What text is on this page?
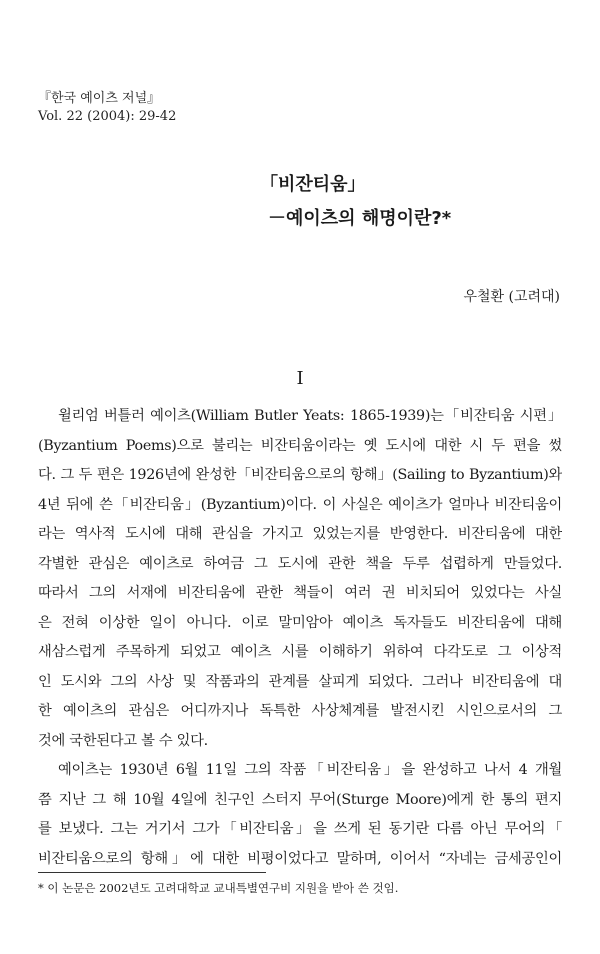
『한국 예이츠 저널』
Vol. 22 (2004): 29-42
「비잔티움」
－예이츠의 해명이란?*
우철환 (고려대)
I
윌리엄 버틀러 예이츠(William Butler Yeats: 1865-1939)는「비잔티움 시편」
(Byzantium Poems)으로 불리는 비잔티움이라는 옛 도시에 대한 시 두 편을 썼
다. 그 두 편은 1926년에 완성한「비잔티움으로의 항해」(Sailing to Byzantium)와
4년 뒤에 쓴「비잔티움」(Byzantium)이다. 이 사실은 예이츠가 얼마나 비잔티움이
라는 역사적 도시에 대해 관심을 가지고 있었는지를 반영한다. 비잔티움에 대한
각별한 관심은 예이츠로 하여금 그 도시에 관한 책을 두루 섭렵하게 만들었다.
따라서 그의 서재에 비잔티움에 관한 책들이 여러 권 비치되어 있었다는 사실
은 전혀 이상한 일이 아니다. 이로 말미암아 예이츠 독자들도 비잔티움에 대해
새삼스럽게 주목하게 되었고 예이츠 시를 이해하기 위하여 다각도로 그 이상적
인 도시와 그의 사상 및 작품과의 관계를 살피게 되었다. 그러나 비잔티움에 대
한 예이츠의 관심은 어디까지나 독특한 사상체계를 발전시킨 시인으로서의 그
것에 국한된다고 볼 수 있다.
예이츠는 1930년 6월 11일 그의 작품「비잔티움」을 완성하고 나서 4 개월
쯤 지난 그 해 10월 4일에 친구인 스터지 무어(Sturge Moore)에게 한 통의 편지
를 보냈다. 그는 거기서 그가「비잔티움」을 쓰게 된 동기란 다름 아닌 무어의「
비잔티움으로의 항해」에 대한 비평이었다고 말하며, 이어서 “자네는 금세공인이
* 이 논문은 2002년도 고려대학교 교내특별연구비 지원을 받아 쓴 것임.
